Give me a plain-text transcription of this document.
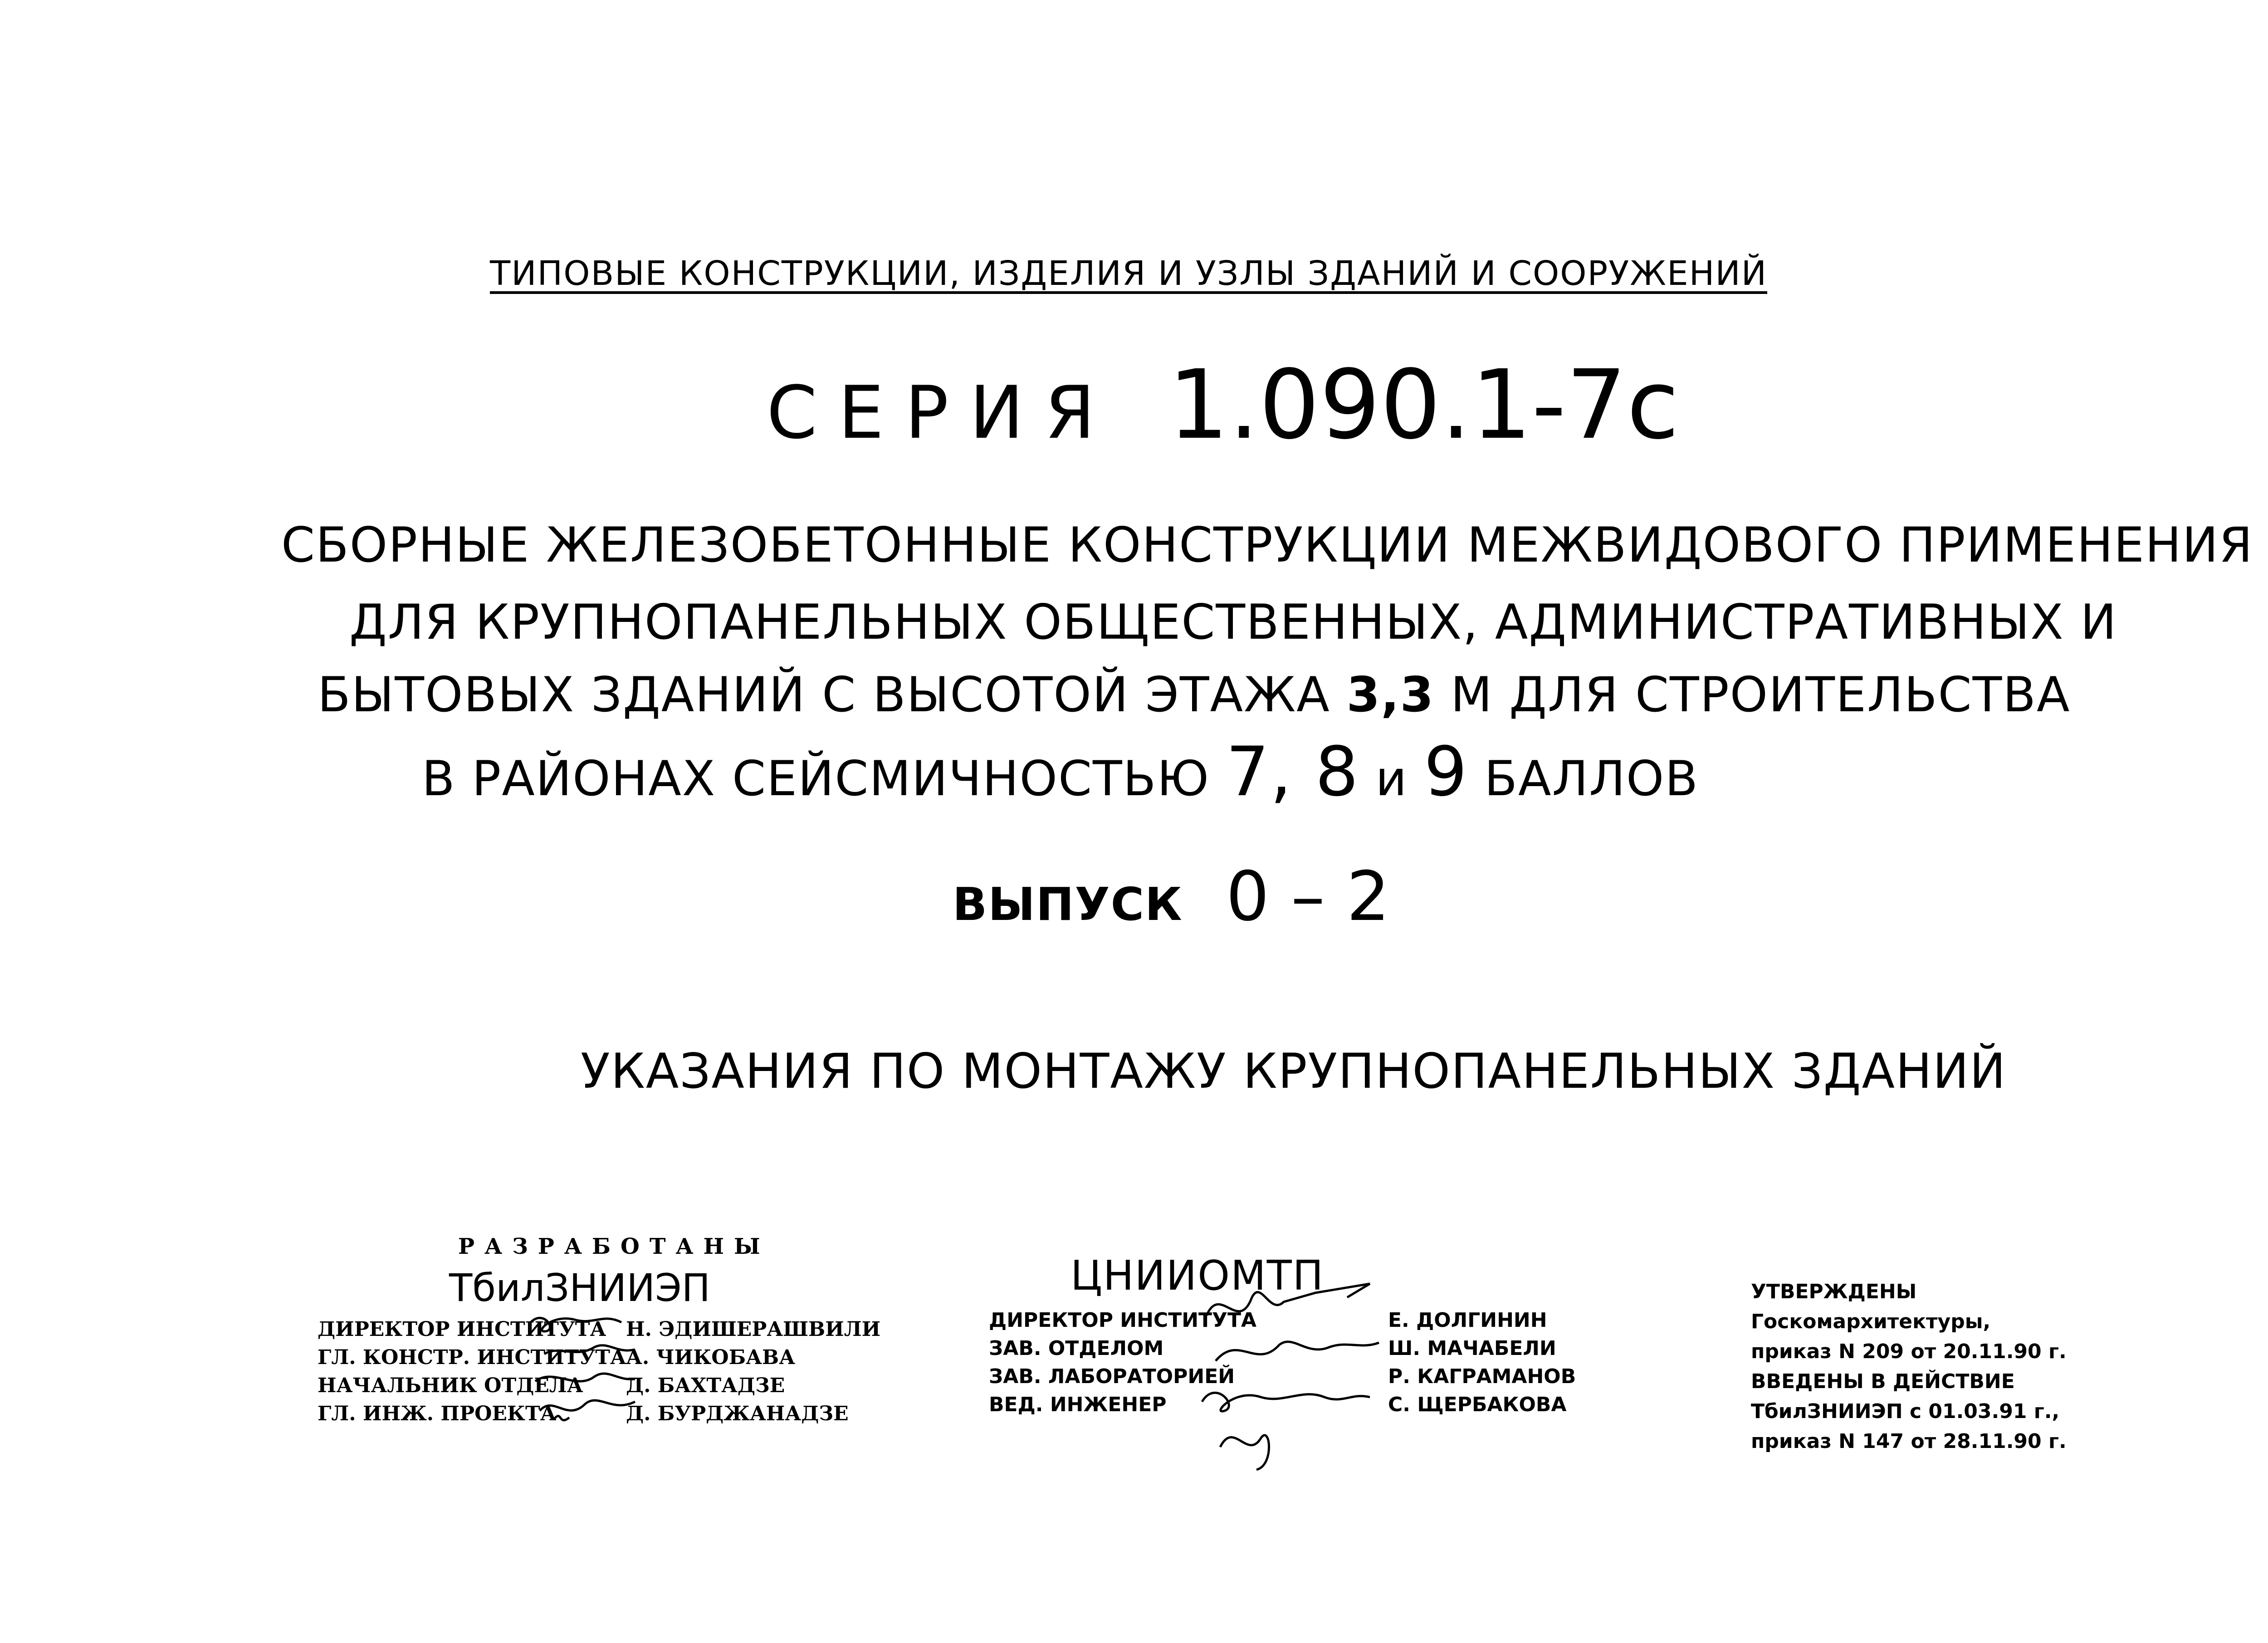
ТИПОВЫЕ КОНСТРУКЦИИ, ИЗДЕЛИЯ И УЗЛЫ ЗДАНИЙ И СООРУЖЕНИЙ
СЕРИЯ 1.090.1-7с
СБОРНЫЕ ЖЕЛЕЗОБЕТОННЫЕ КОНСТРУКЦИИ МЕЖВИДОВОГО ПРИМЕНЕНИЯ
ДЛЯ КРУПНОПАНЕЛЬНЫХ ОБЩЕСТВЕННЫХ, АДМИНИСТРАТИВНЫХ И
БЫТОВЫХ ЗДАНИЙ С ВЫСОТОЙ ЭТАЖА 3,3 М ДЛЯ СТРОИТЕЛЬСТВА
В РАЙОНАХ СЕЙСМИЧНОСТЬЮ 7, 8 и 9 БАЛЛОВ
ВЫПУСК 0 – 2
УКАЗАНИЯ ПО МОНТАЖУ КРУПНОПАНЕЛЬНЫХ ЗДАНИЙ
РАЗРАБОТАНЫ
ТбилЗНИИЭП
ДИРЕКТОР ИНСТИТУТА Н. ЭДИШЕРАШВИЛИ
ГЛ. КОНСТР. ИНСТИТУТА А. ЧИКОБАВА
НАЧАЛЬНИК ОТДЕЛА	Д. БАХТАДЗЕ
ГЛ. ИНЖ. ПРОЕКТА	Д. БУРДЖАНАДЗЕ
ЦНИИОМТП
ДИРЕКТОР ИНСТИТУТА	Е. ДОЛГИНИН
ЗАВ. ОТДЕЛОМ	Ш. МАЧАБЕЛИ
ЗАВ. ЛАБОРАТОРИЕЙ	Р. КАГРАМАНОВ
ВЕД. ИНЖЕНЕР	С. ЩЕРБАКОВА
УТВЕРЖДЕНЫ
Госкомархитектуры,
приказ N 209 от 20.11.90 г.
ВВЕДЕНЫ В ДЕЙСТВИЕ
ТбилЗНИИЭП с 01.03.91 г.,
приказ N 147 от 28.11.90 г.
